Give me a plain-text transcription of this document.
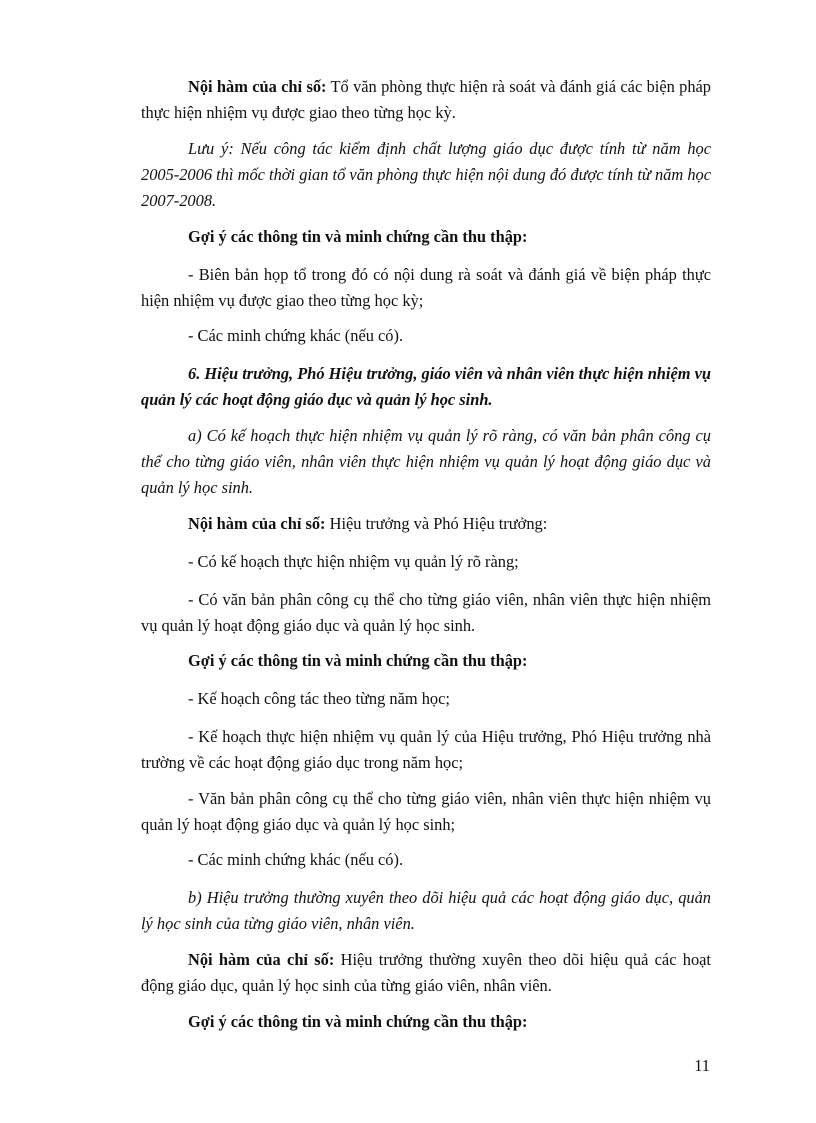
Nội hàm của chỉ số: Tổ văn phòng thực hiện rà soát và đánh giá các biện pháp thực hiện nhiệm vụ được giao theo từng học kỳ.

Lưu ý: Nếu công tác kiểm định chất lượng giáo dục được tính từ năm học 2005-2006 thì mốc thời gian tổ văn phòng thực hiện nội dung đó được tính từ năm học 2007-2008.

Gợi ý các thông tin và minh chứng cần thu thập:

- Biên bản họp tổ trong đó có nội dung rà soát và đánh giá về biện pháp thực hiện nhiệm vụ được giao theo từng học kỳ;

- Các minh chứng khác (nếu có).

6. Hiệu trưởng, Phó Hiệu trưởng, giáo viên và nhân viên thực hiện nhiệm vụ quản lý các hoạt động giáo dục và quản lý học sinh.

a) Có kế hoạch thực hiện nhiệm vụ quản lý rõ ràng, có văn bản phân công cụ thể cho từng giáo viên, nhân viên thực hiện nhiệm vụ quản lý hoạt động giáo dục và quản lý học sinh.

Nội hàm của chỉ số: Hiệu trưởng và Phó Hiệu trưởng:

- Có kế hoạch thực hiện nhiệm vụ quản lý rõ ràng;

- Có văn bản phân công cụ thể cho từng giáo viên, nhân viên thực hiện nhiệm vụ quản lý hoạt động giáo dục và quản lý học sinh.

Gợi ý các thông tin và minh chứng cần thu thập:

- Kế hoạch công tác theo từng năm học;

- Kế hoạch thực hiện nhiệm vụ quản lý của Hiệu trưởng, Phó Hiệu trưởng nhà trường về các hoạt động giáo dục trong năm học;

- Văn bản phân công cụ thể cho từng giáo viên, nhân viên thực hiện nhiệm vụ quản lý hoạt động giáo dục và quản lý học sinh;

- Các minh chứng khác (nếu có).

b) Hiệu trưởng thường xuyên theo dõi hiệu quả các hoạt động giáo dục, quản lý học sinh của từng giáo viên, nhân viên.

Nội hàm của chỉ số: Hiệu trưởng thường xuyên theo dõi hiệu quả các hoạt động giáo dục, quản lý học sinh của từng giáo viên, nhân viên.

Gợi ý các thông tin và minh chứng cần thu thập:

11
